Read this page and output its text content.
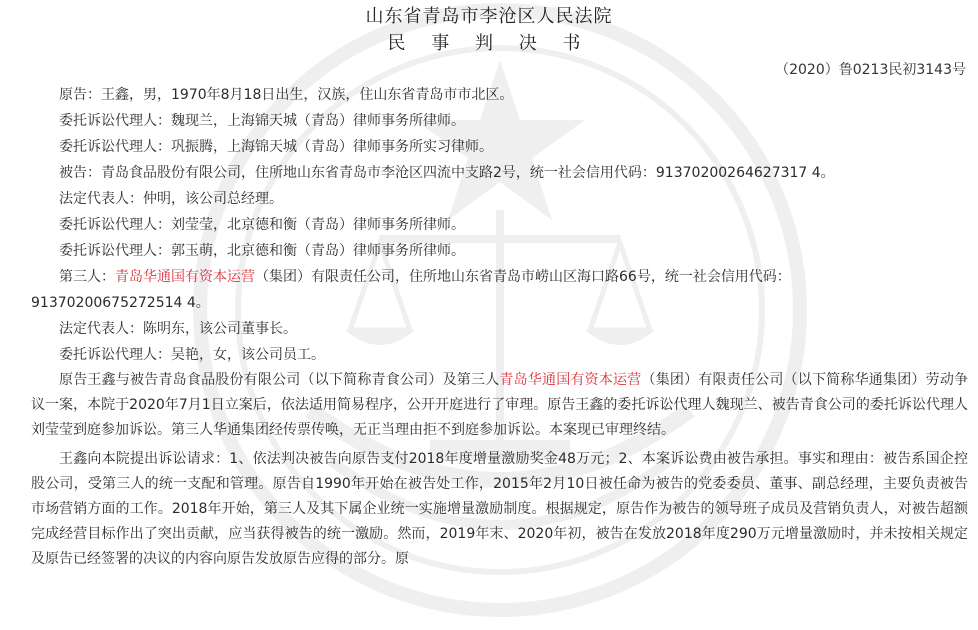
山东省青岛市李沧区人民法院
民 事 判 决 书
（2020）鲁0213民初3143号

原告：王鑫，男，1970年8月18日出生，汉族，住山东省青岛市市北区。

委托诉讼代理人：魏现兰，上海锦天城（青岛）律师事务所律师。

委托诉讼代理人：巩振腾，上海锦天城（青岛）律师事务所实习律师。

被告：青岛食品股份有限公司，住所地山东省青岛市李沧区四流中支路2号，统一社会信用代码：91370200264627317 4。

法定代表人：仲明，该公司总经理。

委托诉讼代理人：刘莹莹，北京德和衡（青岛）律师事务所律师。

委托诉讼代理人：郭玉萌，北京德和衡（青岛）律师事务所律师。

第三人：青岛华通国有资本运营（集团）有限责任公司，住所地山东省青岛市崂山区海口路66号，统一社会信用代码：

91370200675272514 4。

法定代表人：陈明东，该公司董事长。

委托诉讼代理人：吴艳，女，该公司员工。

原告王鑫与被告青岛食品股份有限公司（以下简称青食公司）及第三人青岛华通国有资本运营（集团）有限责任公司（以下简称华通集团）劳动争议一案，本院于2020年7月1日立案后，依法适用简易程序，公开开庭进行了审理。原告王鑫的委托诉讼代理人魏现兰、被告青食公司的委托诉讼代理人刘莹莹到庭参加诉讼。第三人华通集团经传票传唤，无正当理由拒不到庭参加诉讼。本案现已审理终结。

王鑫向本院提出诉讼请求：1、依法判决被告向原告支付2018年度增量激励奖金48万元；2、本案诉讼费由被告承担。事实和理由：被告系国企控股公司，受第三人的统一支配和管理。原告自1990年开始在被告处工作，2015年2月10日被任命为被告的党委委员、董事、副总经理，主要负责被告市场营销方面的工作。2018年开始，第三人及其下属企业统一实施增量激励制度。根据规定，原告作为被告的领导班子成员及营销负责人，对被告超额完成经营目标作出了突出贡献，应当获得被告的统一激励。然而，2019年末、2020年初，被告在发放2018年度290万元增量激励时，并未按相关规定及原告已经签署的决议的内容向原告发放原告应得的部分。原
